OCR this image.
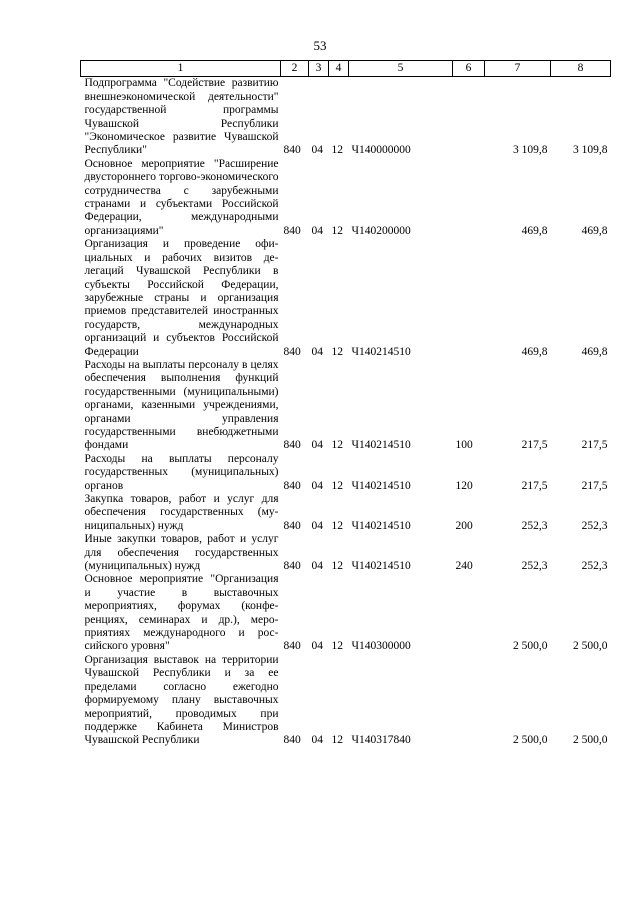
53
1	2	3	4	5	6	7	8
Подпрограмма "Содействие развитию внешнеэкономической деятельности" государственной программы Чувашской Республики "Экономическое развитие Чувашской Республики"	840	04	12	Ч140000000		3 109,8	3 109,8
Основное мероприятие "Расширение двустороннего торгово-экономического сотрудничества с зарубежными странами и субъектами Российской Федерации, международными организациями"	840	04	12	Ч140200000		469,8	469,8
Организация и проведение официальных и рабочих визитов делегаций Чувашской Республики в субъекты Российской Федерации, зарубежные страны и организация приемов представителей иностранных государств, международных организаций и субъектов Российской Федерации	840	04	12	Ч140214510		469,8	469,8
Расходы на выплаты персоналу в целях обеспечения выполнения функций государственными (муниципальными) органами, казенными учреждениями, органами управления государственными внебюджетными фондами	840	04	12	Ч140214510	100	217,5	217,5
Расходы на выплаты персоналу государственных (муниципальных) органов	840	04	12	Ч140214510	120	217,5	217,5
Закупка товаров, работ и услуг для обеспечения государственных (муниципальных) нужд	840	04	12	Ч140214510	200	252,3	252,3
Иные закупки товаров, работ и услуг для обеспечения государственных (муниципальных) нужд	840	04	12	Ч140214510	240	252,3	252,3
Основное мероприятие "Организация и участие в выставочных мероприятиях, форумах (конференциях, семинарах и др.), мероприятиях международного и российского уровня"	840	04	12	Ч140300000		2 500,0	2 500,0
Организация выставок на территории Чувашской Республики и за ее пределами согласно ежегодно формируемому плану выставочных мероприятий, проводимых при поддержке Кабинета Министров Чувашской Республики	840	04	12	Ч140317840		2 500,0	2 500,0
